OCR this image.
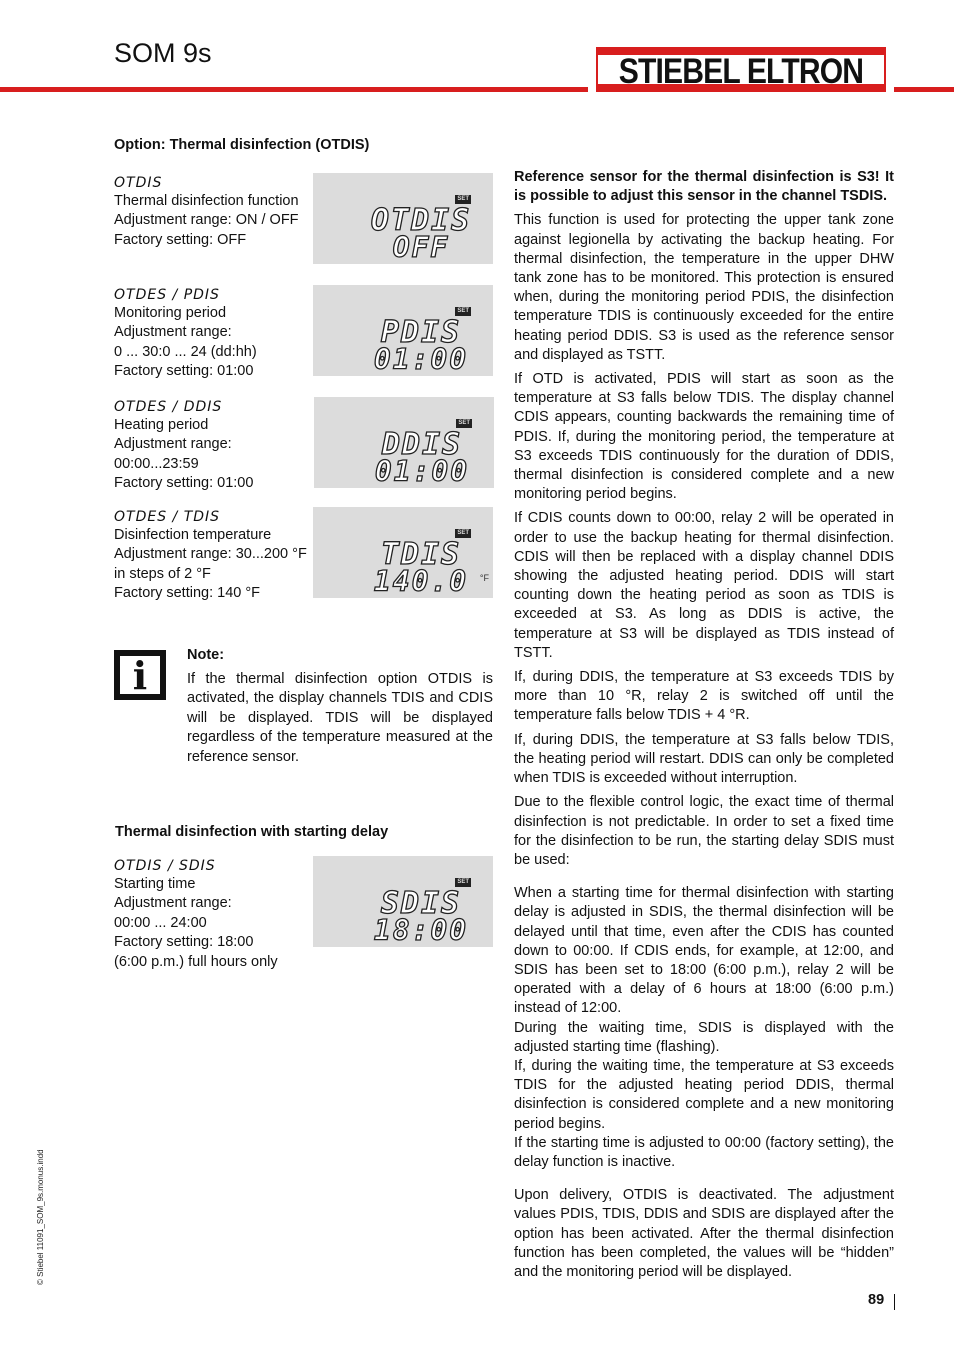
SOM 9s	STIEBEL ELTRON
Option: Thermal disinfection (OTDIS)
OTDIS
Thermal disinfection function
Adjustment range: ON / OFF
Factory setting: OFF
SET
OTDIS
OFF
OTDES / PDIS
Monitoring period
Adjustment range:
0 ... 30:0 ... 24 (dd:hh)
Factory setting: 01:00
SET
PDIS
01:00
OTDES / DDIS
Heating period
Adjustment range:
00:00...23:59
Factory setting: 01:00
SET
DDIS
01:00
OTDES / TDIS
Disinfection temperature
Adjustment range: 30...200 °F
in steps of 2 °F
Factory setting: 140 °F
SET
TDIS
140.0 °F
i	Note:
If the thermal disinfection option OTDIS is activated, the display channels TDIS and CDIS will be displayed. TDIS will be displayed regardless of the temperature measured at the reference sensor.
Thermal disinfection with starting delay
OTDIS / SDIS
Starting time
Adjustment range:
00:00 ... 24:00
Factory setting: 18:00
(6:00 p.m.) full hours only
SET
SDIS
18:00

Reference sensor for the thermal disinfection is S3! It is possible to adjust this sensor in the channel TSDIS.

This function is used for protecting the upper tank zone against legionella by activating the backup heating. For thermal disinfection, the temperature in the upper DHW tank zone has to be monitored. This protection is ensured when, during the monitoring period PDIS, the disinfection temperature TDIS is continuously exceeded for the entire heating period DDIS. S3 is used as the reference sensor and displayed as TSTT.

If OTD is activated, PDIS will start as soon as the temperature at S3 falls below TDIS. The display channel CDIS appears, counting backwards the remaining time of PDIS. If, during the monitoring period, the temperature at S3 exceeds TDIS continuously for the duration of DDIS, thermal disinfection is considered complete and a new monitoring period begins.

If CDIS counts down to 00:00, relay 2 will be operated in order to use the backup heating for thermal disinfection. CDIS will then be replaced with a display channel DDIS showing the adjusted heating period. DDIS will start counting down the heating period as soon as TDIS is exceeded at S3. As long as DDIS is active, the temperature at S3 will be displayed as TDIS instead of TSTT.

If, during DDIS, the temperature at S3 exceeds TDIS by more than 10 °R, relay 2 is switched off until the temperature falls below TDIS + 4 °R.

If, during DDIS, the temperature at S3 falls below TDIS, the heating period will restart. DDIS can only be completed when TDIS is exceeded without interruption.

Due to the flexible control logic, the exact time of thermal disinfection is not predictable. In order to set a fixed time for the disinfection to be run, the starting delay SDIS must be used:

When a starting time for thermal disinfection with starting delay is adjusted in SDIS, the thermal disinfection will be delayed until that time, even after the CDIS has counted down to 00:00. If CDIS ends, for example, at 12:00, and SDIS has been set to 18:00 (6:00 p.m.), relay 2 will be operated with a delay of 6 hours at 18:00 (6:00 p.m.) instead of 12:00.

During the waiting time, SDIS is displayed with the adjusted starting time (flashing).

If, during the waiting time, the temperature at S3 exceeds TDIS for the adjusted heating period DDIS, thermal disinfection is considered complete and a new monitoring period begins.

If the starting time is adjusted to 00:00 (factory setting), the delay function is inactive.

Upon delivery, OTDIS is deactivated. The adjustment values PDIS, TDIS, DDIS and SDIS are displayed after the option has been activated. After the thermal disinfection function has been completed, the values will be “hidden” and the monitoring period will be displayed.

© Stiebel 11091_SOM_9s.monus.indd
89
